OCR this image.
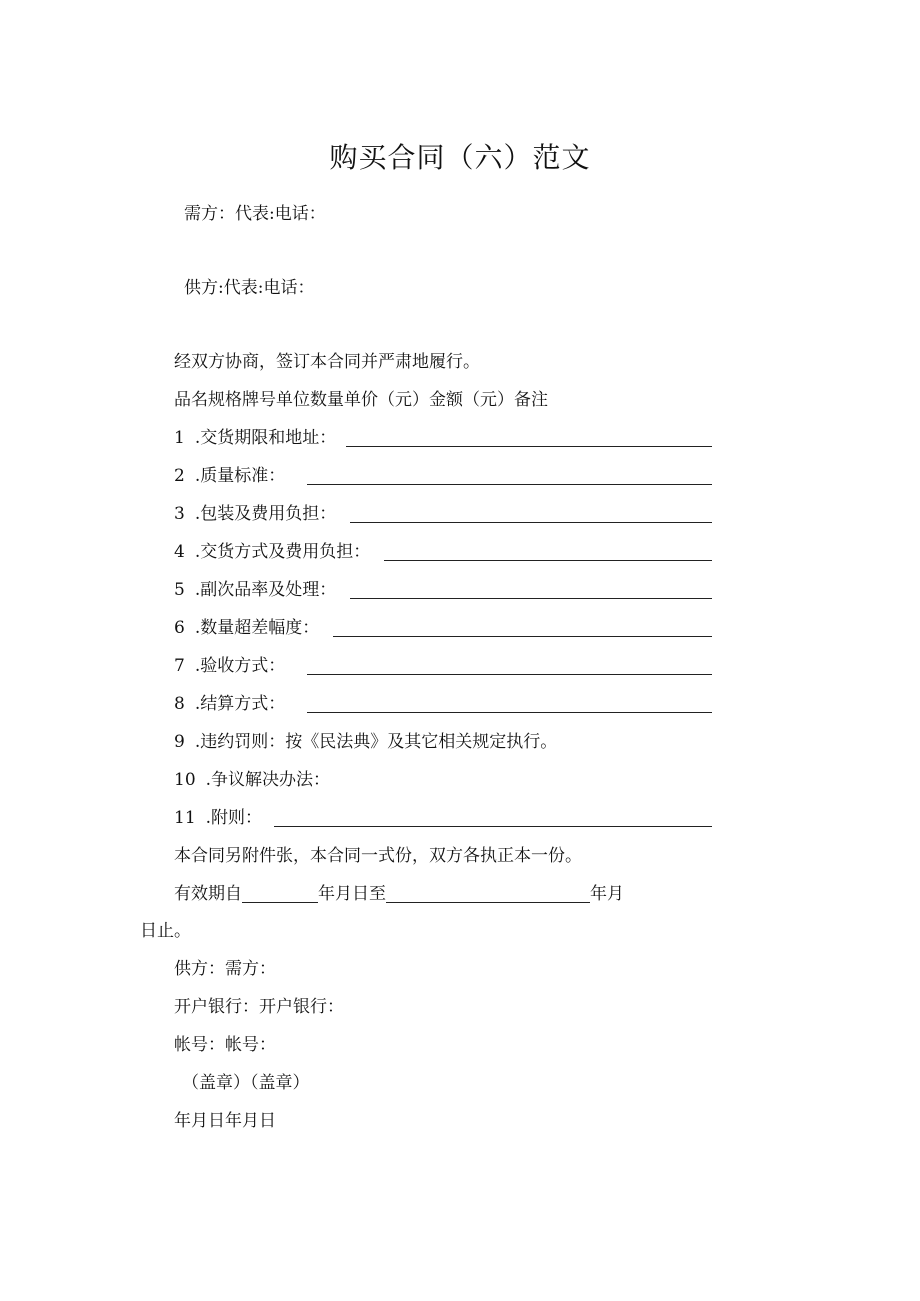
购买合同（六）范文
需方：代表:电话：
供方:代表:电话：
经双方协商，签订本合同并严肃地履行。
品名规格牌号单位数量单价（元）金额（元）备注
1 .交货期限和地址：
2 .质量标准：
3 .包装及费用负担：
4 .交货方式及费用负担：
5 .副次品率及处理：
6 .数量超差幅度：
7 .验收方式：
8 .结算方式：
9 .违约罚则：按《民法典》及其它相关规定执行。
10 .争议解决办法：
11 .附则：
本合同另附件张，本合同一式份，双方各执正本一份。
有效期自	年月日至	年月
日止。
供方：需方：
开户银行：开户银行：
帐号：帐号：
（盖章）（盖章）
年月日年月日
